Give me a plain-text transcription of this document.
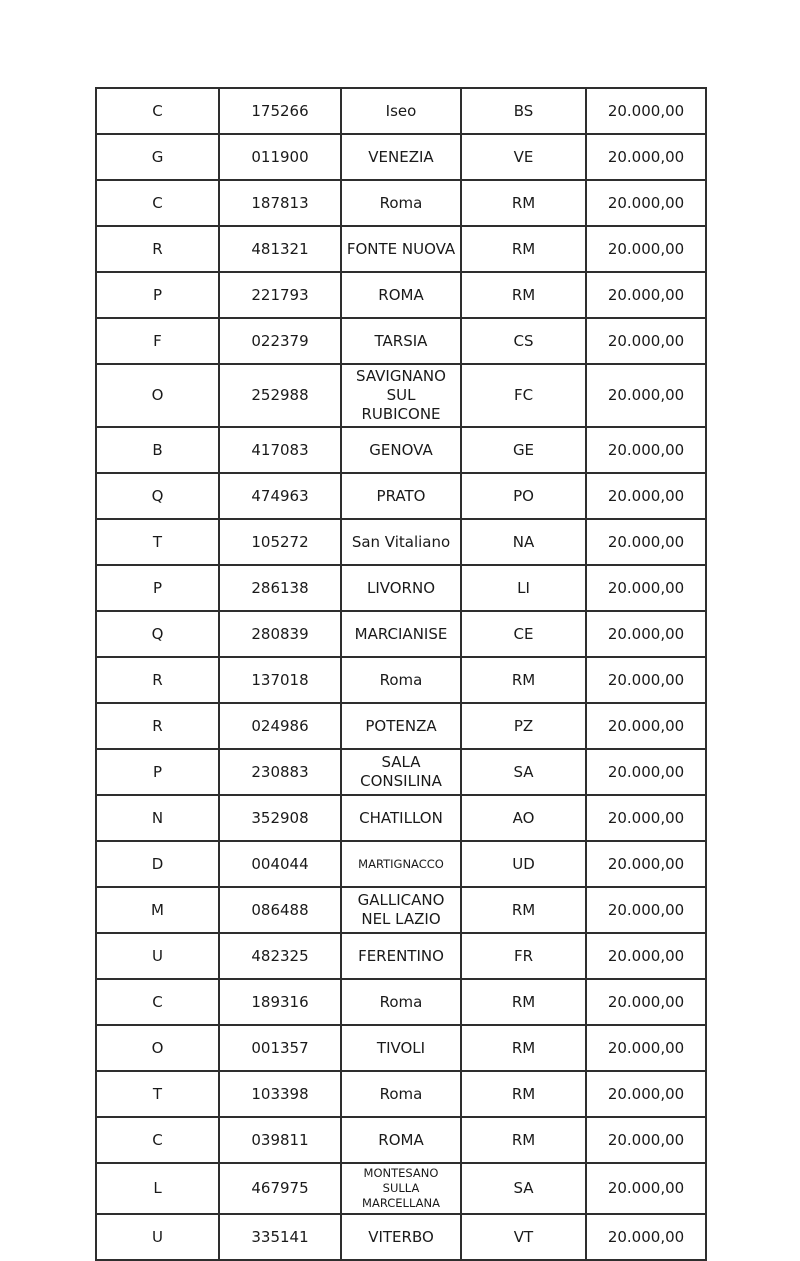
C	175266	Iseo	BS	20.000,00
G	011900	VENEZIA	VE	20.000,00
C	187813	Roma	RM	20.000,00
R	481321	FONTE NUOVA	RM	20.000,00
P	221793	ROMA	RM	20.000,00
F	022379	TARSIA	CS	20.000,00
O	252988	SAVIGNANO SUL RUBICONE	FC	20.000,00
B	417083	GENOVA	GE	20.000,00
Q	474963	PRATO	PO	20.000,00
T	105272	San Vitaliano	NA	20.000,00
P	286138	LIVORNO	LI	20.000,00
Q	280839	MARCIANISE	CE	20.000,00
R	137018	Roma	RM	20.000,00
R	024986	POTENZA	PZ	20.000,00
P	230883	SALA CONSILINA	SA	20.000,00
N	352908	CHATILLON	AO	20.000,00
D	004044	MARTIGNACCO	UD	20.000,00
M	086488	GALLICANO NEL LAZIO	RM	20.000,00
U	482325	FERENTINO	FR	20.000,00
C	189316	Roma	RM	20.000,00
O	001357	TIVOLI	RM	20.000,00
T	103398	Roma	RM	20.000,00
C	039811	ROMA	RM	20.000,00
L	467975	MONTESANO SULLA MARCELLANA	SA	20.000,00
U	335141	VITERBO	VT	20.000,00
